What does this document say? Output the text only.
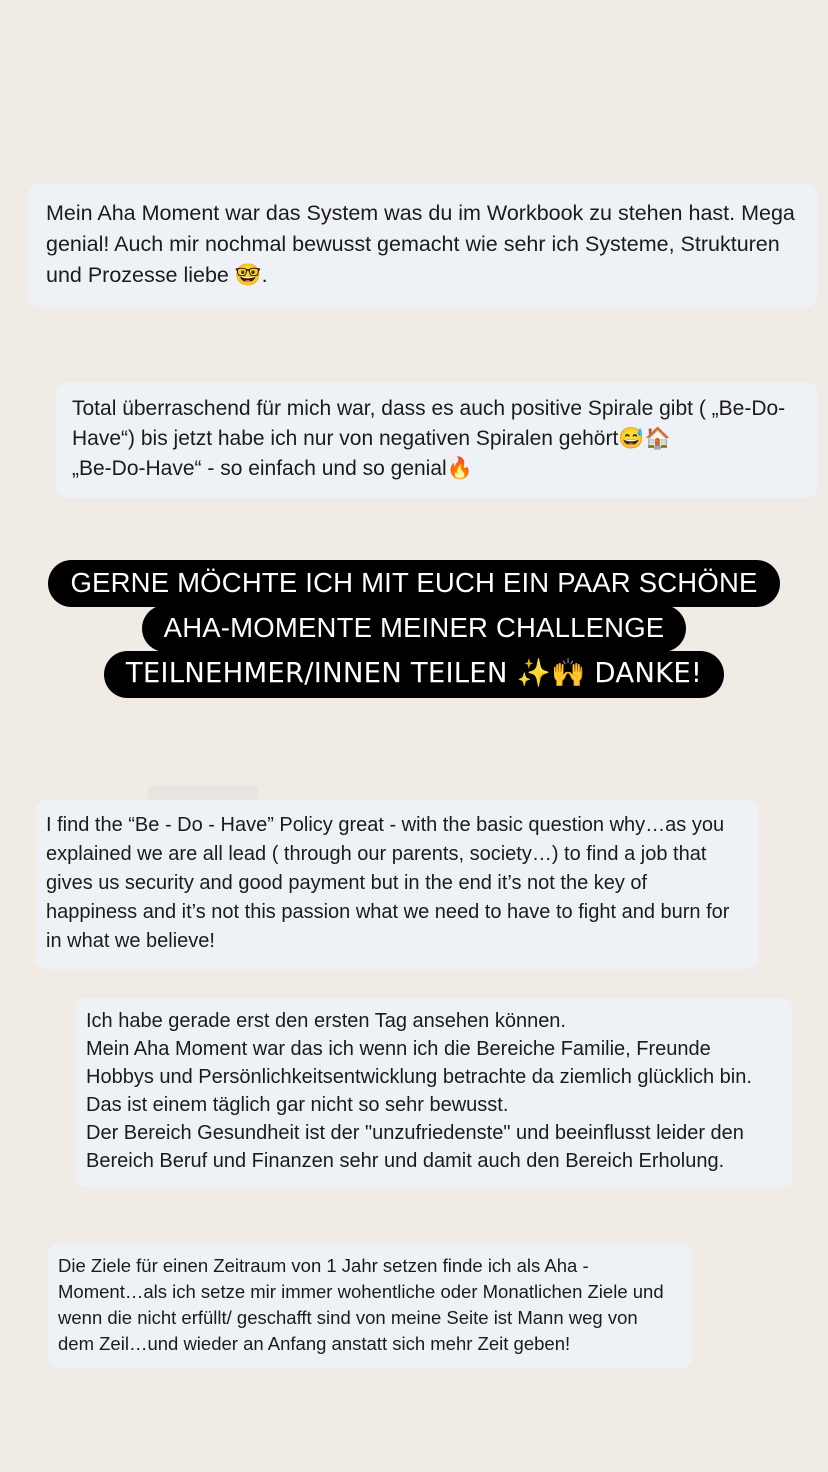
Mein Aha Moment war das System was du im Workbook zu stehen hast. Mega genial! Auch mir nochmal bewusst gemacht wie sehr ich Systeme, Strukturen und Prozesse liebe 🤓.

Total überraschend für mich war, dass es auch positive Spirale gibt ( „Be-Do-Have“) bis jetzt habe ich nur von negativen Spiralen gehört😅🏠

„Be-Do-Have“ - so einfach und so genial🔥

GERNE MÖCHTE ICH MIT EUCH EIN PAAR SCHÖNE
AHA-MOMENTE MEINER CHALLENGE
TEILNEHMER/INNEN TEILEN ✨🙌 DANKE!

I find the “Be - Do - Have” Policy great - with the basic question why…as you explained we are all lead ( through our parents, society…) to find a job that gives us security and good payment but in the end it’s not the key of happiness and it’s not this passion what we need to have to fight and burn for in what we believe!

Ich habe gerade erst den ersten Tag ansehen können.

Mein Aha Moment war das ich wenn ich die Bereiche Familie, Freunde Hobbys und Persönlichkeitsentwicklung betrachte da ziemlich glücklich bin. Das ist einem täglich gar nicht so sehr bewusst.

Der Bereich Gesundheit ist der "unzufriedenste" und beeinflusst leider den Bereich Beruf und Finanzen sehr und damit auch den Bereich Erholung.

Die Ziele für einen Zeitraum von 1 Jahr setzen finde ich als Aha - Moment…als ich setze mir immer wohentliche oder Monatlichen Ziele und wenn die nicht erfüllt/ geschafft sind von meine Seite ist Mann weg von dem Zeil…und wieder an Anfang anstatt sich mehr Zeit geben!
